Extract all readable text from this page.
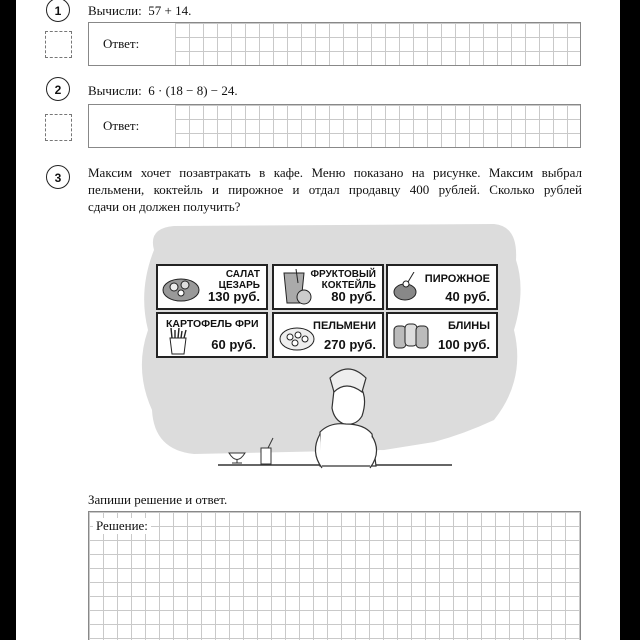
1	Вычисли: 57 + 14.
Ответ:
2	Вычисли: 6 · (18 − 8) − 24.
Ответ:
3	Максим хочет позавтракать в кафе. Меню показано на рисунке. Максим выбрал
пельмени, коктейль и пирожное и отдал продавцу 400 рублей. Сколько рублей
сдачи он должен получить?
САЛАТ
ЦЕЗАРЬ
130 руб.
ФРУКТОВЫЙ
КОКТЕЙЛЬ
80 руб.
ПИРОЖНОЕ
40 руб.
КАРТОФЕЛЬ ФРИ
60 руб.
ПЕЛЬМЕНИ
270 руб.
БЛИНЫ
100 руб.
Запиши решение и ответ.
Решение:
